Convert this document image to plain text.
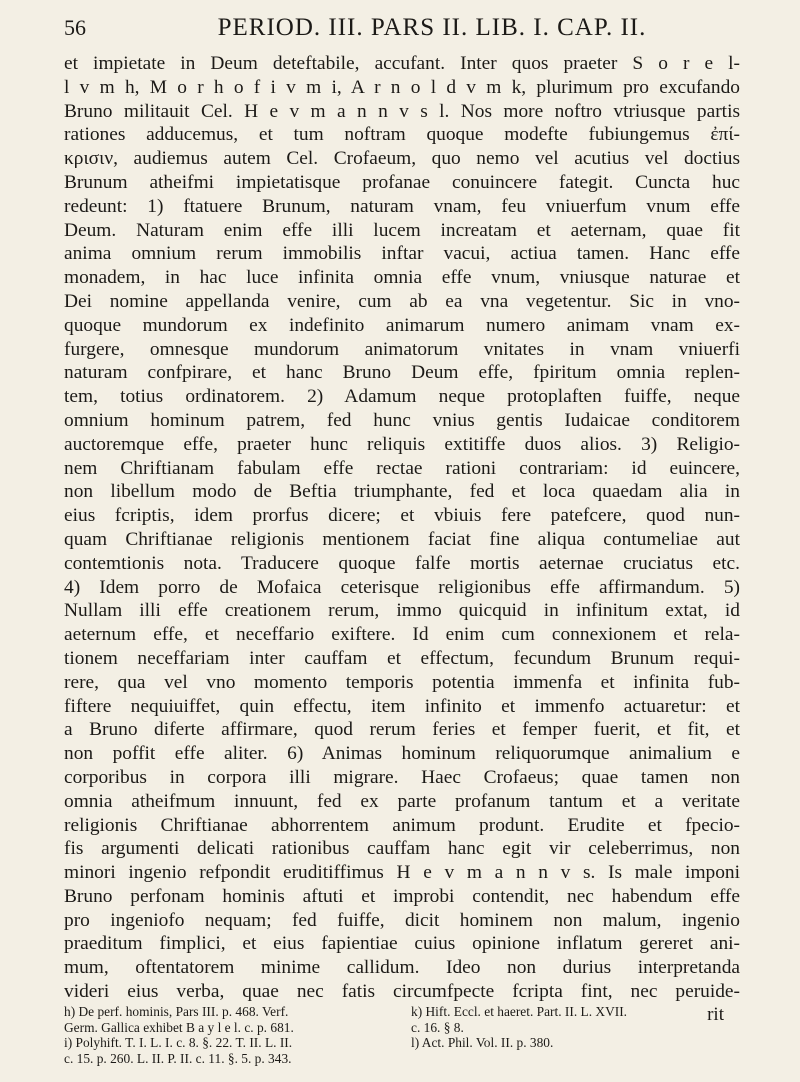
56	PERIOD. III. PARS II. LIB. I. CAP. II.
et impietate in Deum deteftabile, accufant. Inter quos praeter S o r e l-
l v m h, M o r h o f i v m i, A r n o l d v m k, plurimum pro excufando
Bruno militauit Cel. H e v m a n n v s l. Nos more noftro vtriusque partis
rationes adducemus, et tum noftram quoque modefte fubiungemus ἐπί-
κρισιν, audiemus autem Cel. Crofaeum, quo nemo vel acutius vel doctius
Brunum atheifmi impietatisque profanae conuincere fategit. Cuncta huc
redeunt: 1) ftatuere Brunum, naturam vnam, feu vniuerfum vnum effe
Deum. Naturam enim effe illi lucem increatam et aeternam, quae fit
anima omnium rerum immobilis inftar vacui, actiua tamen. Hanc effe
monadem, in hac luce infinita omnia effe vnum, vniusque naturae et
Dei nomine appellanda venire, cum ab ea vna vegetentur. Sic in vno-
quoque mundorum ex indefinito animarum numero animam vnam ex-
furgere, omnesque mundorum animatorum vnitates in vnam vniuerfi
naturam confpirare, et hanc Bruno Deum effe, fpiritum omnia replen-
tem, totius ordinatorem. 2) Adamum neque protoplaften fuiffe, neque
omnium hominum patrem, fed hunc vnius gentis Iudaicae conditorem
auctoremque effe, praeter hunc reliquis extitiffe duos alios. 3) Religio-
nem Chriftianam fabulam effe rectae rationi contrariam: id euincere,
non libellum modo de Beftia triumphante, fed et loca quaedam alia in
eius fcriptis, idem prorfus dicere; et vbiuis fere patefcere, quod nun-
quam Chriftianae religionis mentionem faciat fine aliqua contumeliae aut
contemtionis nota. Traducere quoque falfe mortis aeternae cruciatus etc.
4) Idem porro de Mofaica ceterisque religionibus effe affirmandum. 5)
Nullam illi effe creationem rerum, immo quicquid in infinitum extat, id
aeternum effe, et neceffario exiftere. Id enim cum connexionem et rela-
tionem neceffariam inter cauffam et effectum, fecundum Brunum requi-
rere, qua vel vno momento temporis potentia immenfa et infinita fub-
fiftere nequiuiffet, quin effectu, item infinito et immenfo actuaretur: et
a Bruno diferte affirmare, quod rerum feries et femper fuerit, et fit, et
non poffit effe aliter. 6) Animas hominum reliquorumque animalium e
corporibus in corpora illi migrare. Haec Crofaeus; quae tamen non
omnia atheifmum innuunt, fed ex parte profanum tantum et a veritate
religionis Chriftianae abhorrentem animum produnt. Erudite et fpecio-
fis argumenti delicati rationibus cauffam hanc egit vir celeberrimus, non
minori ingenio refpondit eruditiffimus H e v m a n n v s. Is male imponi
Bruno perfonam hominis aftuti et improbi contendit, nec habendum effe
pro ingeniofo nequam; fed fuiffe, dicit hominem non malum, ingenio
praeditum fimplici, et eius fapientiae cuius opinione inflatum gereret ani-
mum, oftentatorem minime callidum. Ideo non durius interpretanda
videri eius verba, quae nec fatis circumfpecte fcripta fint, nec peruide-
rit
h) De perf. hominis, Pars III. p. 468. Verf.	k) Hift. Eccl. et haeret. Part. II. L. XVII.
Germ. Gallica exhibet B a y l e l. c. p. 681.	c. 16. § 8.
i) Polyhift. T. I. L. I. c. 8. §. 22. T. II. L. II.	l) Act. Phil. Vol. II. p. 380.
c. 15. p. 260. L. II. P. II. c. 11. §. 5. p. 343.
